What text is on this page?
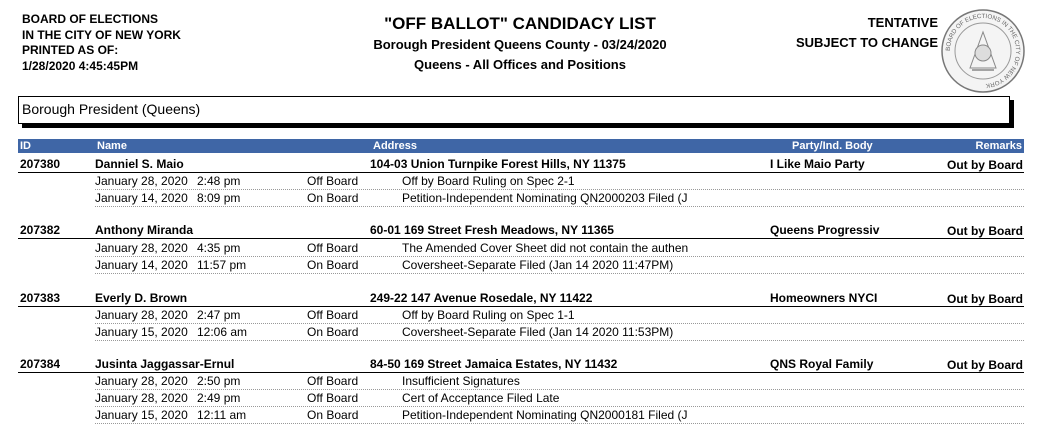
BOARD OF ELECTIONS
IN THE CITY OF NEW YORK
PRINTED AS OF:
1/28/2020 4:45:45PM
"OFF BALLOT" CANDIDACY LIST
Borough President Queens County - 03/24/2020
Queens - All Offices and Positions
TENTATIVE
SUBJECT TO CHANGE BOARD OF ELECTIONS IN THE CITY OF NEW YORK
Borough President (Queens)
ID	Name	Address	Party/Ind. Body	Remarks
207380	Danniel S. Maio	104-03 Union Turnpike Forest Hills, NY 11375	I Like Maio Party	Out by Board
January 28, 2020 2:48 pm	Off Board	Off by Board Ruling on Spec 2-1
January 14, 2020 8:09 pm	On Board	Petition-Independent Nominating QN2000203 Filed (J
207382	Anthony Miranda	60-01 169 Street Fresh Meadows, NY 11365	Queens Progressiv	Out by Board
January 28, 2020 4:35 pm	Off Board	The Amended Cover Sheet did not contain the authen
January 14, 2020 11:57 pm	On Board	Coversheet-Separate Filed (Jan 14 2020 11:47PM)
207383	Everly D. Brown	249-22 147 Avenue Rosedale, NY 11422	Homeowners NYCI	Out by Board
January 28, 2020 2:47 pm	Off Board	Off by Board Ruling on Spec 1-1
January 15, 2020 12:06 am	On Board	Coversheet-Separate Filed (Jan 14 2020 11:53PM)
207384	Jusinta Jaggassar-Ernul	84-50 169 Street Jamaica Estates, NY 11432	QNS Royal Family	Out by Board
January 28, 2020 2:50 pm	Off Board	Insufficient Signatures
January 28, 2020 2:49 pm	Off Board	Cert of Acceptance Filed Late
January 15, 2020 12:11 am	On Board	Petition-Independent Nominating QN2000181 Filed (J
